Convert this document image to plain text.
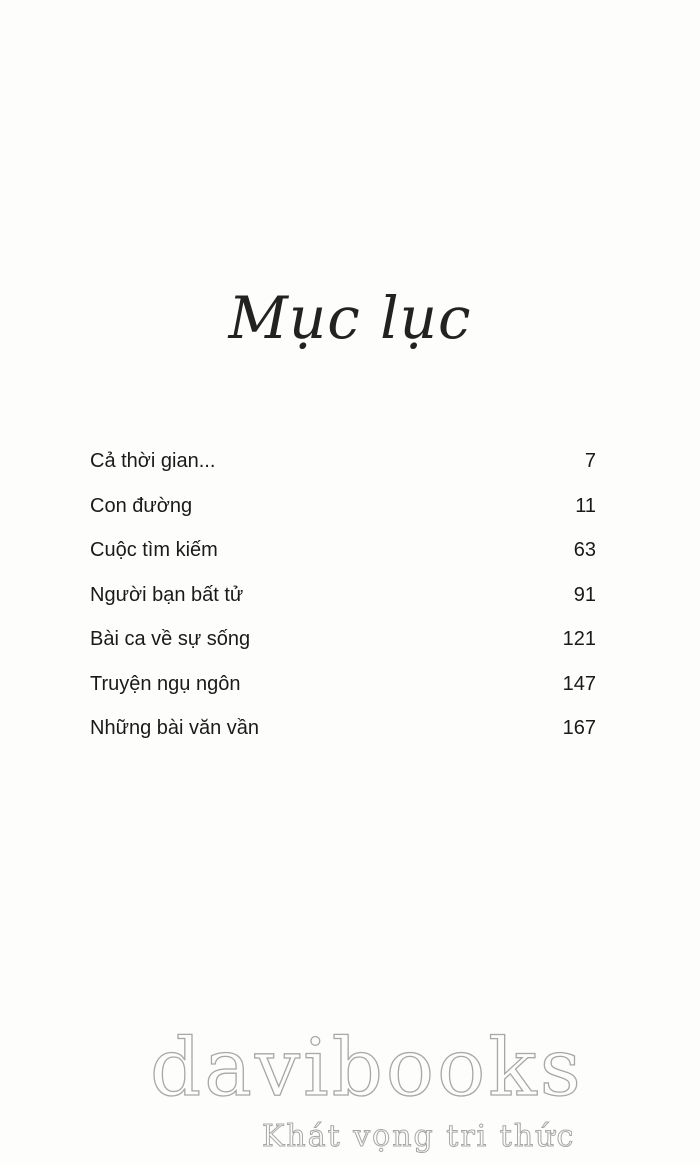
Mục lục
Cả thời gian...	7
Con đường	11
Cuộc tìm kiếm	63
Người bạn bất tử	91
Bài ca về sự sống	121
Truyện ngụ ngôn	147
Những bài văn vần	167
davibooks
Khát vọng tri thức
